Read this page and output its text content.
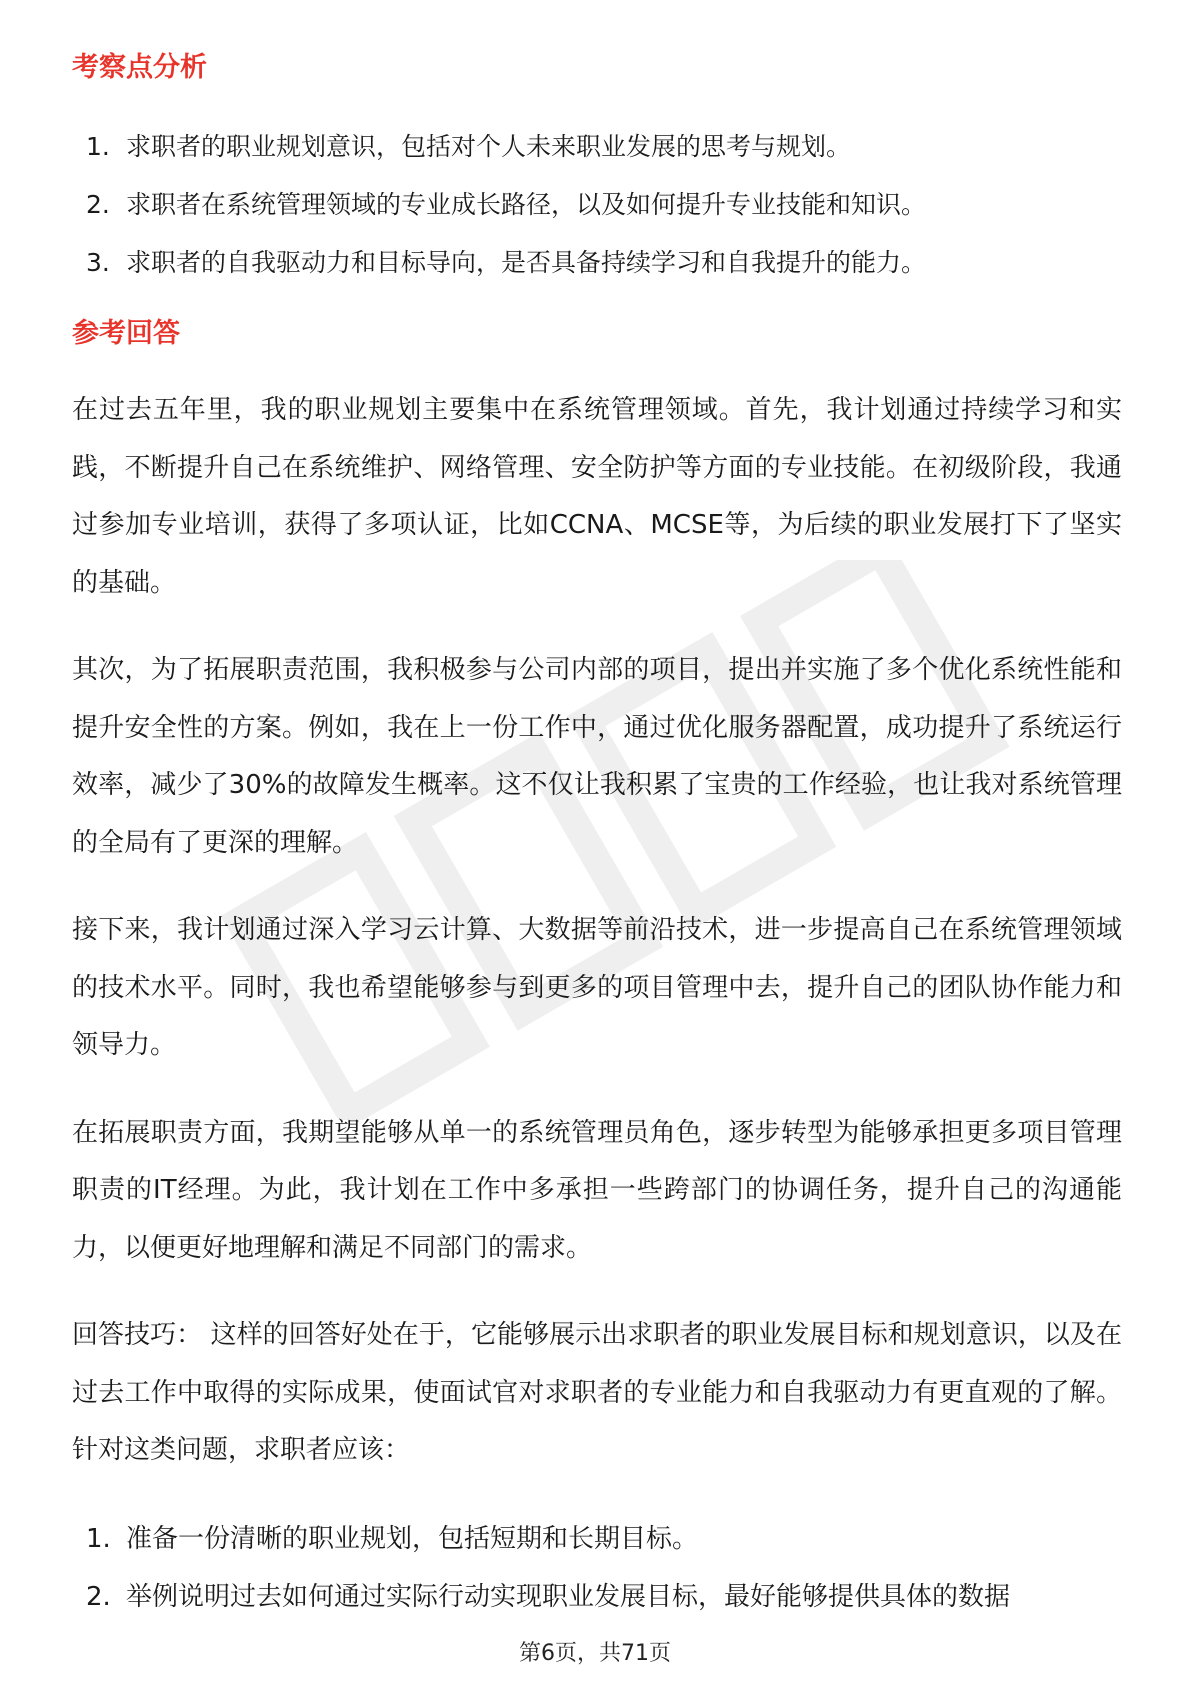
考察点分析
1. 求职者的职业规划意识，包括对个人未来职业发展的思考与规划。
2. 求职者在系统管理领域的专业成长路径，以及如何提升专业技能和知识。
3. 求职者的自我驱动力和目标导向，是否具备持续学习和自我提升的能力。
参考回答

在过去五年里，我的职业规划主要集中在系统管理领域。首先，我计划通过持续学习和实践，不断提升自己在系统维护、网络管理、安全防护等方面的专业技能。在初级阶段，我通过参加专业培训，获得了多项认证，比如CCNA、MCSE等，为后续的职业发展打下了坚实的基础。

其次，为了拓展职责范围，我积极参与公司内部的项目，提出并实施了多个优化系统性能和提升安全性的方案。例如，我在上一份工作中，通过优化服务器配置，成功提升了系统运行效率，减少了30%的故障发生概率。这不仅让我积累了宝贵的工作经验，也让我对系统管理的全局有了更深的理解。

接下来，我计划通过深入学习云计算、大数据等前沿技术，进一步提高自己在系统管理领域的技术水平。同时，我也希望能够参与到更多的项目管理中去，提升自己的团队协作能力和领导力。

在拓展职责方面，我期望能够从单一的系统管理员角色，逐步转型为能够承担更多项目管理职责的IT经理。为此，我计划在工作中多承担一些跨部门的协调任务，提升自己的沟通能力，以便更好地理解和满足不同部门的需求。

回答技巧： 这样的回答好处在于，它能够展示出求职者的职业发展目标和规划意识，以及在过去工作中取得的实际成果，使面试官对求职者的专业能力和自我驱动力有更直观的了解。针对这类问题，求职者应该：

1. 准备一份清晰的职业规划，包括短期和长期目标。
2. 举例说明过去如何通过实际行动实现职业发展目标，最好能够提供具体的数据
第6页，共71页
